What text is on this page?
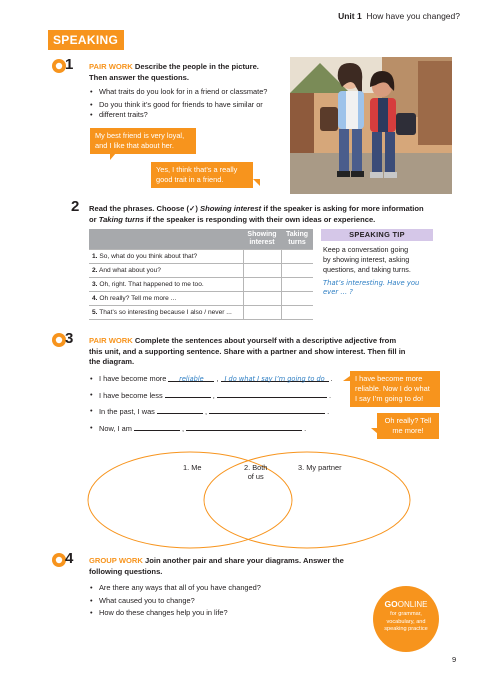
Unit 1 How have you changed?
SPEAKING
1 PAIR WORK Describe the people in the picture.
Then answer the questions.
• What traits do you look for in a friend or classmate?
• Do you think it’s good for friends to have similar or
• different traits?
My best friend is very loyal,
and I like that about her.
Yes, I think that’s a really
good trait in a friend.
2 Read the phrases. Choose (✓) Showing interest if the speaker is asking for more information
or Taking turns if the speaker is responding with their own ideas or experience.
	Showing
interest	Taking
turns
1. So, what do you think about that?		
2. And what about you?		
3. Oh, right. That happened to me too.		
4. Oh really? Tell me more ...		
5. That’s so interesting because I also / never ...		
SPEAKING TIP
Keep a conversation going
by showing interest, asking
questions, and taking turns.
That’s interesting. Have you
ever … ?
3 PAIR WORK Complete the sentences about yourself with a descriptive adjective from
this unit, and a supporting sentence. Share with a partner and show interest. Then fill in
the diagram.
• I have become more reliable , I do what I say I’m going to do .
• I have become less	,	.
• In the past, I was	,	.
• Now, I am	,	.
I have become more
reliable. Now I do what
I say I’m going to do!
Oh really? Tell
me more!
1. Me	2. Both
of us
3. My partner
4 GROUP WORK Join another pair and share your diagrams. Answer the
following questions.
• Are there any ways that all of you have changed?
• What caused you to change?
• How do these changes help you in life?
GOONLINE
for grammar,
vocabulary, and
speaking practice
9
